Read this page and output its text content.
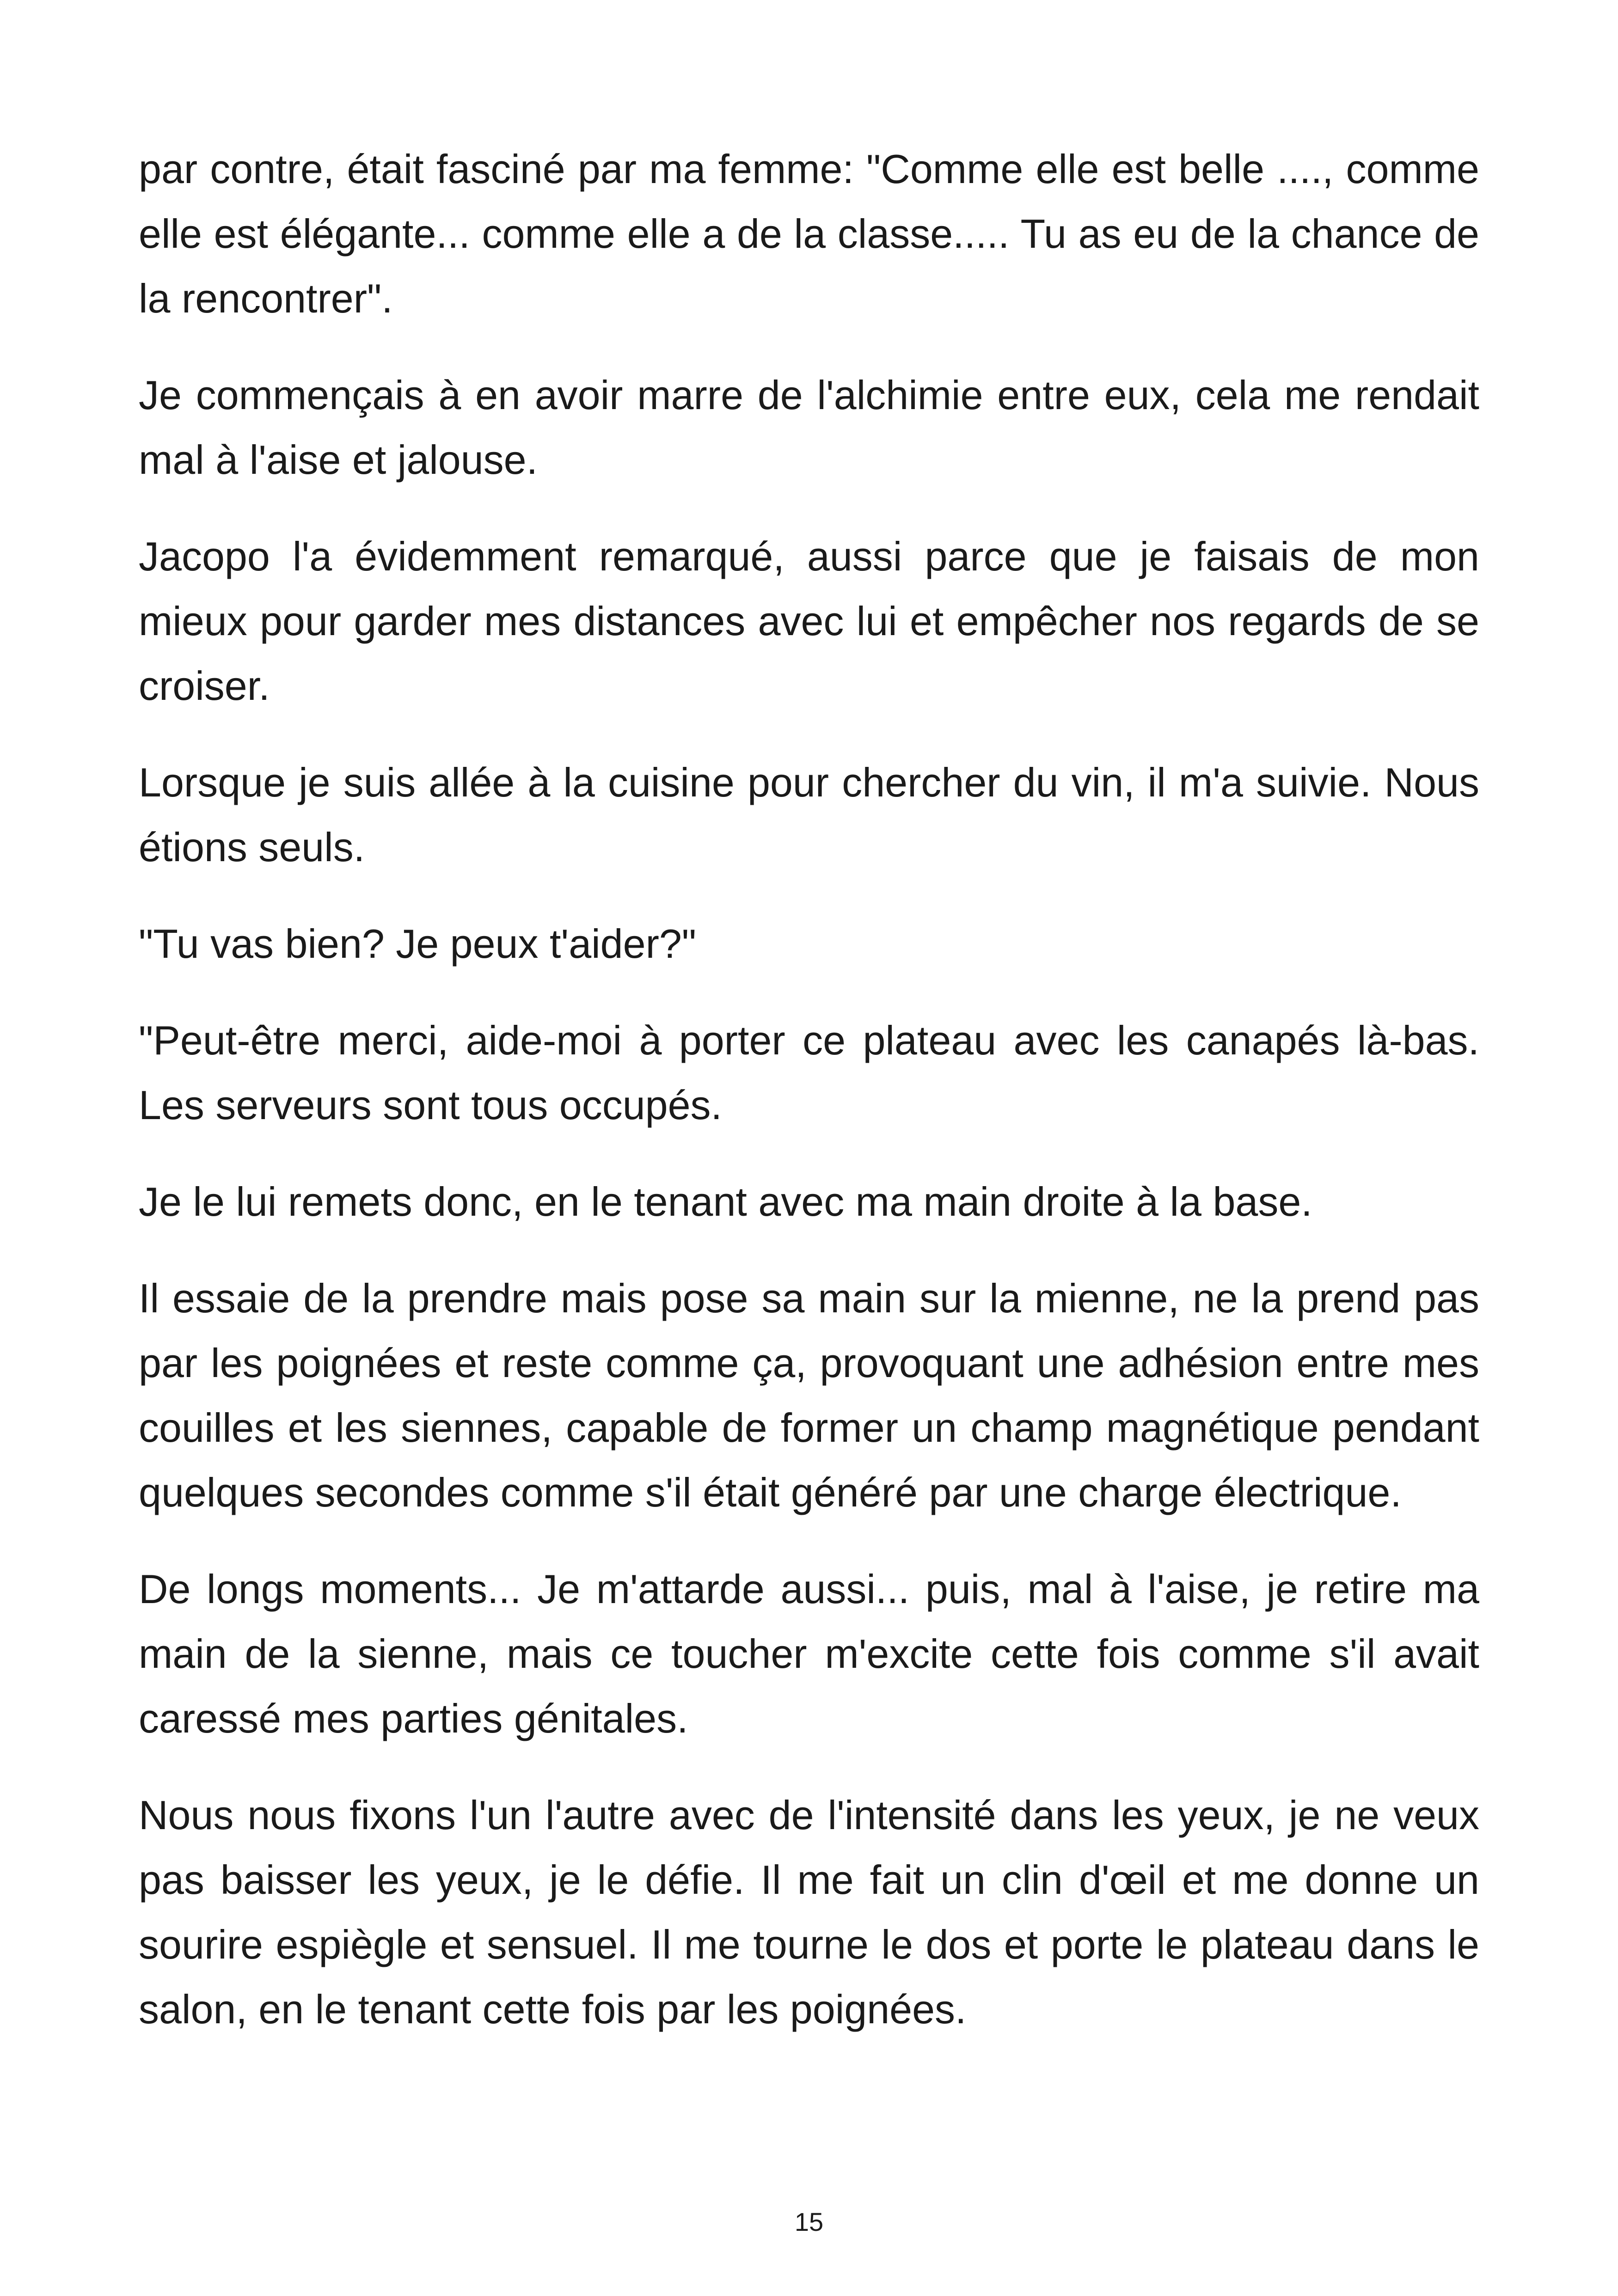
par contre, était fasciné par ma femme: "Comme elle est belle ...., comme elle est élégante... comme elle a de la classe..... Tu as eu de la chance de la rencontrer".

Je commençais à en avoir marre de l'alchimie entre eux, cela me rendait mal à l'aise et jalouse.

Jacopo l'a évidemment remarqué, aussi parce que je faisais de mon mieux pour garder mes distances avec lui et empêcher nos regards de se croiser.

Lorsque je suis allée à la cuisine pour chercher du vin, il m'a suivie. Nous étions seuls.

"Tu vas bien? Je peux t'aider?"

"Peut-être merci, aide-moi à porter ce plateau avec les canapés là-bas. Les serveurs sont tous occupés.

Je le lui remets donc, en le tenant avec ma main droite à la base.

Il essaie de la prendre mais pose sa main sur la mienne, ne la prend pas par les poignées et reste comme ça, provoquant une adhésion entre mes couilles et les siennes, capable de former un champ magnétique pendant quelques secondes comme s'il était généré par une charge électrique.

De longs moments... Je m'attarde aussi... puis, mal à l'aise, je retire ma main de la sienne, mais ce toucher m'excite cette fois comme s'il avait caressé mes parties génitales.

Nous nous fixons l'un l'autre avec de l'intensité dans les yeux, je ne veux pas baisser les yeux, je le défie. Il me fait un clin d'œil et me donne un sourire espiègle et sensuel. Il me tourne le dos et porte le plateau dans le salon, en le tenant cette fois par les poignées.

15
